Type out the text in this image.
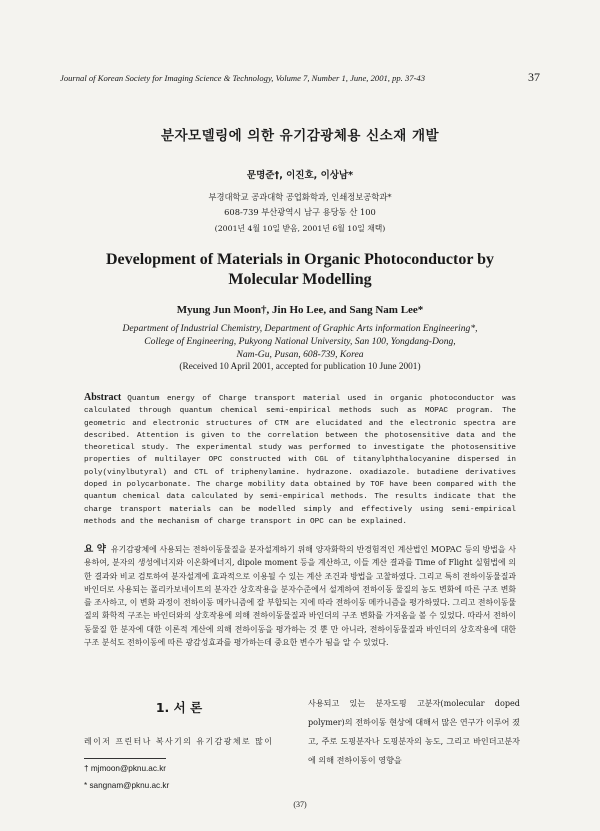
Journal of Korean Society for Imaging Science & Technology, Volume 7, Number 1, June, 2001, pp. 37-43	37
분자모델링에 의한 유기감광체용 신소재 개발
문명준†, 이진호, 이상남*
부경대학교 공과대학 공업화학과, 인쇄정보공학과*
608-739 부산광역시 남구 용당동 산 100
(2001년 4월 10일 받음, 2001년 6월 10일 채택)
Development of Materials in Organic Photoconductor by
Molecular Modelling
Myung Jun Moon†, Jin Ho Lee, and Sang Nam Lee*
Department of Industrial Chemistry, Department of Graphic Arts information Engineering*,
College of Engineering, Pukyong National University, San 100, Yongdang-Dong,
Nam-Gu, Pusan, 608-739, Korea
(Received 10 April 2001, accepted for publication 10 June 2001)
Abstract Quantum energy of Charge transport material used in organic photoconductor was calculated through quantum chemical semi-empirical methods such as MOPAC program. The geometric and electronic structures of CTM are elucidated and the electronic spectra are described. Attention is given to the correlation between the photosensitive data and the theoretical study. The experimental study was performed to investigate the photosensitive properties of multilayer OPC constructed with CGL of titanylphthalocyanine dispersed in poly(vinylbutyral) and CTL of triphenylamine. hydrazone. oxadiazole. butadiene derivatives doped in polycarbonate. The charge mobility data obtained by TOF have been compared with the quantum chemical data calculated by semi-empirical methods. The results indicate that the charge transport materials can be modelled simply and effectively using semi-empirical methods and the mechanism of charge transport in OPC can be explained.
요 약 유기감광체에 사용되는 전하이동물질을 분자설계하기 위해 양자화학의 반경험적인 계산법인 MOPAC 등의 방법을 사용하여, 분자의 생성에너지와 이온화에너지, dipole moment 등을 계산하고, 이들 계산 결과를 Time of Flight 실험법에 의한 결과와 비교 검토하여 분자설계에 효과적으로 이용될 수 있는 계산 조건과 방법을 고찰하였다. 그리고 특히 전하이동물질과 바인더로 사용되는 폴리카보네이트의 분자간 상호작용을 분자수준에서 설계하여 전하이동 물질의 농도 변화에 따른 구조 변화를 조사하고, 이 변화 과정이 전하이동 메카니즘에 잘 부합되는 지에 따라 전하이동 메카니즘을 평가하였다. 그리고 전하이동물질의 화학적 구조는 바인더와의 상호작용에 의해 전하이동물질과 바인더의 구조 변화를 가져옴을 볼 수 있었다. 따라서 전하이동물질 한 분자에 대한 이론적 계산에 의해 전하이동을 평가하는 것 뿐 만 아니라, 전하이동물질과 바인더의 상호작용에 대한 구조 분석도 전하이동에 따른 광감성효과를 평가하는데 중요한 변수가 됨을 알 수 있었다.
1. 서 론
레이저 프린터나 복사기의 유기감광체로 많이
사용되고 있는 분자도핑 고분자(molecular doped polymer)의 전하이동 현상에 대해서 많은 연구가 이루어 졌고, 주로 도핑분자나 도핑분자의 농도, 그리고 바인더고분자에 의해 전하이동이 영향을
† mjmoon@pknu.ac.kr
* sangnam@pknu.ac.kr
(37)
